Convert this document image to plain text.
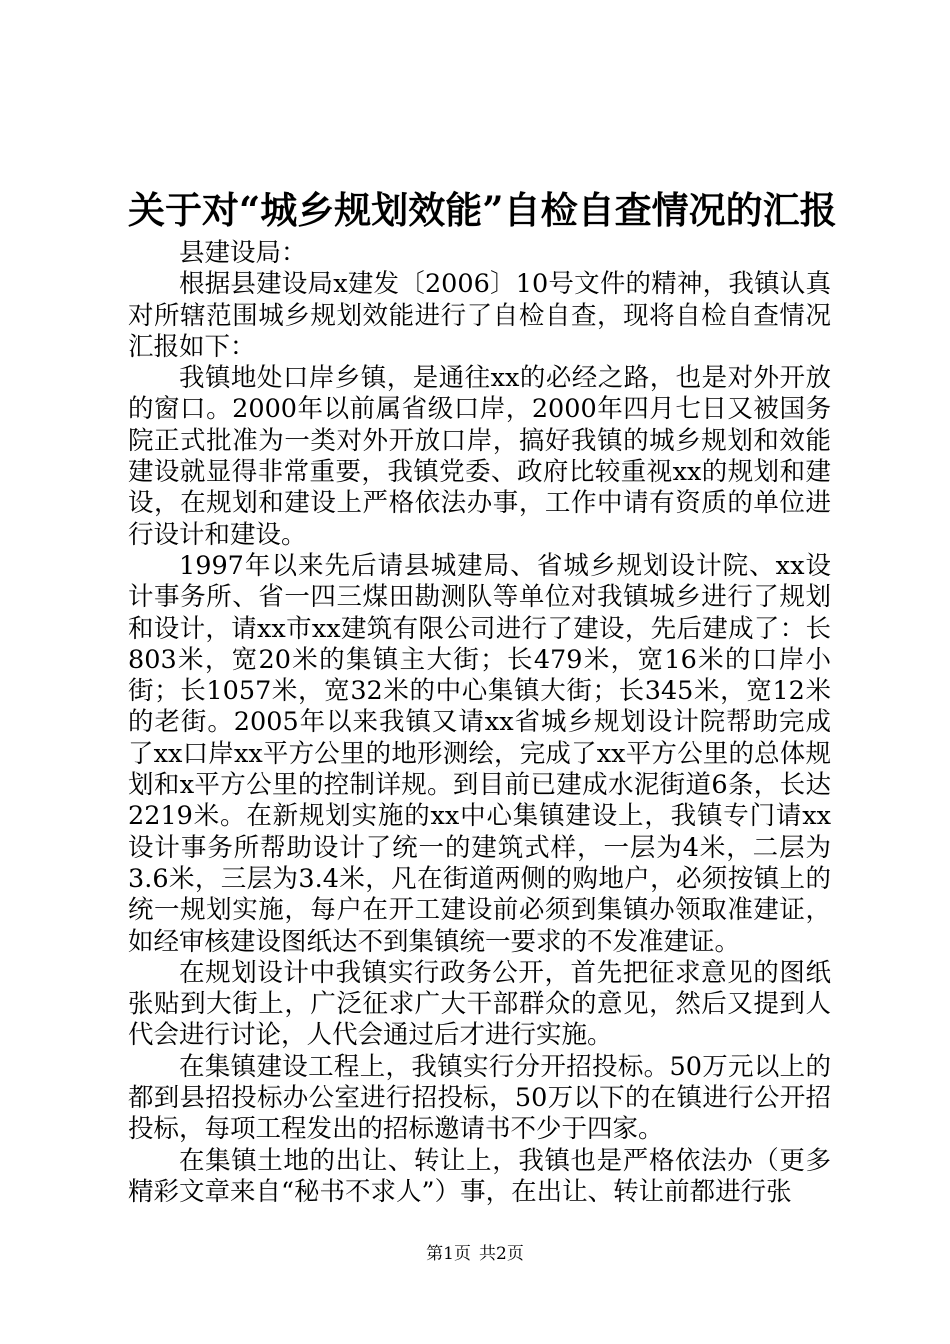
关于对“城乡规划效能”自检自查情况的汇报

县建设局：

根据县建设局x建发〔2006〕10号文件的精神，我镇认真对所辖范围城乡规划效能进行了自检自查，现将自检自查情况汇报如下：

我镇地处口岸乡镇，是通往xx的必经之路，也是对外开放的窗口。2000年以前属省级口岸，2000年四月七日又被国务院正式批准为一类对外开放口岸，搞好我镇的城乡规划和效能建设就显得非常重要，我镇党委、政府比较重视xx的规划和建设，在规划和建设上严格依法办事，工作中请有资质的单位进行设计和建设。

1997年以来先后请县城建局、省城乡规划设计院、xx设计事务所、省一四三煤田勘测队等单位对我镇城乡进行了规划和设计，请xx市xx建筑有限公司进行了建设，先后建成了：长803米，宽20米的集镇主大街；长479米，宽16米的口岸小街；长1057米，宽32米的中心集镇大街；长345米，宽12米的老街。2005年以来我镇又请xx省城乡规划设计院帮助完成了xx口岸xx平方公里的地形测绘，完成了xx平方公里的总体规划和x平方公里的控制详规。到目前已建成水泥街道6条，长达2219米。在新规划实施的xx中心集镇建设上，我镇专门请xx设计事务所帮助设计了统一的建筑式样，一层为4米，二层为3.6米，三层为3.4米，凡在街道两侧的购地户，必须按镇上的统一规划实施，每户在开工建设前必须到集镇办领取准建证，如经审核建设图纸达不到集镇统一要求的不发准建证。

在规划设计中我镇实行政务公开，首先把征求意见的图纸张贴到大街上，广泛征求广大干部群众的意见，然后又提到人代会进行讨论，人代会通过后才进行实施。

在集镇建设工程上，我镇实行分开招投标。50万元以上的都到县招投标办公室进行招投标，50万以下的在镇进行公开招投标，每项工程发出的招标邀请书不少于四家。

在集镇土地的出让、转让上，我镇也是严格依法办（更多精彩文章来自“秘书不求人”）事，在出让、转让前都进行张

第1页 共2页
